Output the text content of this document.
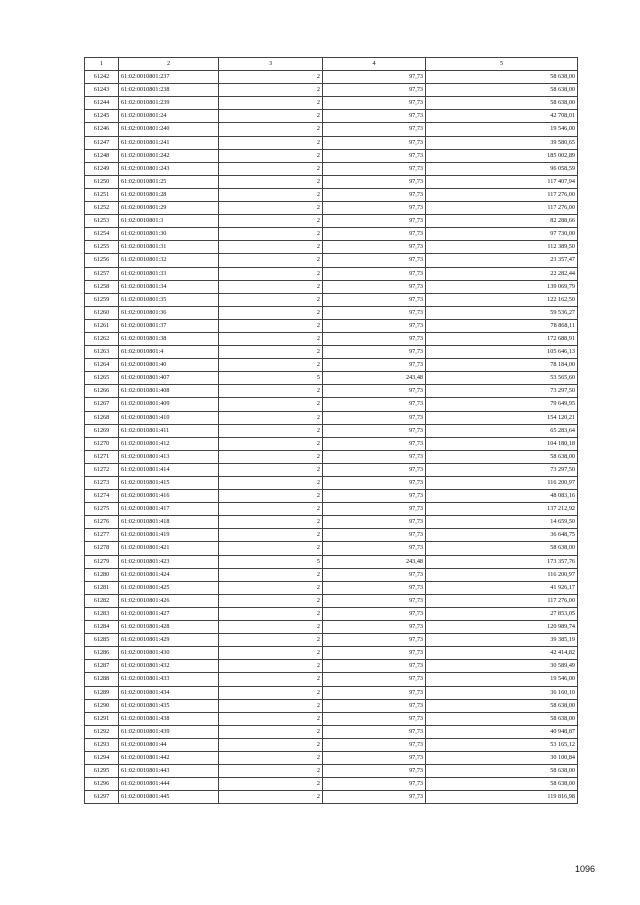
1	2	3	4	5
61242	61:02:0010801:237	2	97,73	58 638,00
61243	61:02:0010801:238	2	97,73	58 638,00
61244	61:02:0010801:239	2	97,73	58 638,00
61245	61:02:0010801:24	2	97,73	42 708,01
61246	61:02:0010801:240	2	97,73	19 546,00
61247	61:02:0010801:241	2	97,73	39 580,65
61248	61:02:0010801:242	2	97,73	185 002,89
61249	61:02:0010801:243	2	97,73	96 058,59
61250	61:02:0010801:25	2	97,73	117 407,94
61251	61:02:0010801:28	2	97,73	117 276,00
61252	61:02:0010801:29	2	97,73	117 276,00
61253	61:02:0010801:3	2	97,73	82 288,66
61254	61:02:0010801:30	2	97,73	97 730,00
61255	61:02:0010801:31	2	97,73	112 389,50
61256	61:02:0010801:32	2	97,73	23 357,47
61257	61:02:0010801:33	2	97,73	22 282,44
61258	61:02:0010801:34	2	97,73	139 069,79
61259	61:02:0010801:35	2	97,73	122 162,50
61260	61:02:0010801:36	2	97,73	59 536,27
61261	61:02:0010801:37	2	97,73	78 868,11
61262	61:02:0010801:38	2	97,73	172 688,91
61263	61:02:0010801:4	2	97,73	105 646,13
61264	61:02:0010801:40	2	97,73	78 184,00
61265	61:02:0010801:407	5	243,48	53 565,60
61266	61:02:0010801:408	2	97,73	73 297,50
61267	61:02:0010801:409	2	97,73	79 649,95
61268	61:02:0010801:410	2	97,73	154 120,21
61269	61:02:0010801:411	2	97,73	65 283,64
61270	61:02:0010801:412	2	97,73	104 180,18
61271	61:02:0010801:413	2	97,73	58 638,00
61272	61:02:0010801:414	2	97,73	73 297,50
61273	61:02:0010801:415	2	97,73	116 200,97
61274	61:02:0010801:416	2	97,73	48 083,16
61275	61:02:0010801:417	2	97,73	137 212,92
61276	61:02:0010801:418	2	97,73	14 659,50
61277	61:02:0010801:419	2	97,73	36 648,75
61278	61:02:0010801:421	2	97,73	58 638,00
61279	61:02:0010801:423	5	243,48	173 357,76
61280	61:02:0010801:424	2	97,73	116 200,97
61281	61:02:0010801:425	2	97,73	41 926,17
61282	61:02:0010801:426	2	97,73	117 276,00
61283	61:02:0010801:427	2	97,73	27 853,05
61284	61:02:0010801:428	2	97,73	120 989,74
61285	61:02:0010801:429	2	97,73	39 385,19
61286	61:02:0010801:430	2	97,73	42 414,82
61287	61:02:0010801:432	2	97,73	30 589,49
61288	61:02:0010801:433	2	97,73	19 546,00
61289	61:02:0010801:434	2	97,73	36 160,10
61290	61:02:0010801:435	2	97,73	58 638,00
61291	61:02:0010801:438	2	97,73	58 638,00
61292	61:02:0010801:439	2	97,73	40 948,87
61293	61:02:0010801:44	2	97,73	53 165,12
61294	61:02:0010801:442	2	97,73	30 100,84
61295	61:02:0010801:443	2	97,73	58 638,00
61296	61:02:0010801:444	2	97,73	58 638,00
61297	61:02:0010801:445	2	97,73	119 816,98
1096
